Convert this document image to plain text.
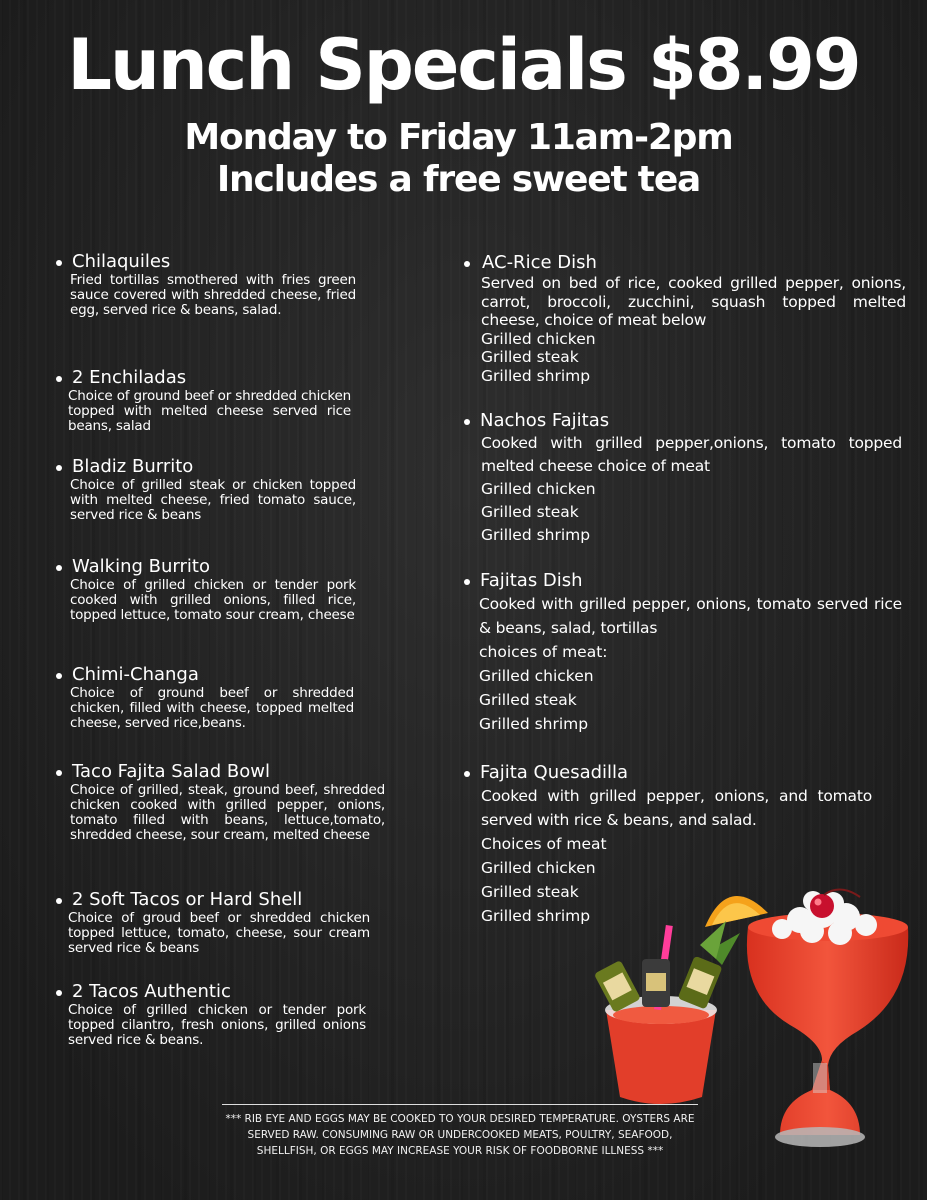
Lunch Specials $8.99
Monday to Friday 11am-2pm
Includes a free sweet tea
Chilaquiles
Fried tortillas smothered with fries green sauce covered with shredded cheese, fried egg, served rice & beans, salad.
2 Enchiladas
Choice of ground beef or shredded chicken topped with melted cheese served rice beans, salad
Bladiz Burrito
Choice of grilled steak or chicken topped with melted cheese, fried tomato sauce, served rice & beans
Walking Burrito
Choice of grilled chicken or tender pork cooked with grilled onions, filled rice, topped lettuce, tomato sour cream, cheese
Chimi-Changa
Choice of ground beef or shredded chicken, filled with cheese, topped melted cheese, served rice,beans.
Taco Fajita Salad Bowl
Choice of grilled, steak, ground beef, shredded chicken cooked with grilled pepper, onions, tomato filled with beans, lettuce,tomato, shredded cheese, sour cream, melted cheese
2 Soft Tacos or Hard Shell
Choice of groud beef or shredded chicken topped lettuce, tomato, cheese, sour cream served rice & beans
2 Tacos Authentic
Choice of grilled chicken or tender pork topped cilantro, fresh onions, grilled onions served rice & beans.
AC-Rice Dish
Served on bed of rice, cooked grilled pepper, onions, carrot, broccoli, zucchini, squash topped melted cheese, choice of meat below
Grilled chicken
Grilled steak
Grilled shrimp
Nachos Fajitas
Cooked with grilled pepper,onions, tomato topped melted cheese choice of meat
Grilled chicken
Grilled steak
Grilled shrimp
Fajitas Dish
Cooked with grilled pepper, onions, tomato served rice & beans, salad, tortillas
choices of meat:
Grilled chicken
Grilled steak
Grilled shrimp
Fajita Quesadilla
Cooked with grilled pepper, onions, and tomato served with rice & beans, and salad.
Choices of meat
Grilled chicken
Grilled steak
Grilled shrimp
*** RIB EYE AND EGGS MAY BE COOKED TO YOUR DESIRED TEMPERATURE. OYSTERS ARE SERVED RAW. CONSUMING RAW OR UNDERCOOKED MEATS, POULTRY, SEAFOOD, SHELLFISH, OR EGGS MAY INCREASE YOUR RISK OF FOODBORNE ILLNESS ***
